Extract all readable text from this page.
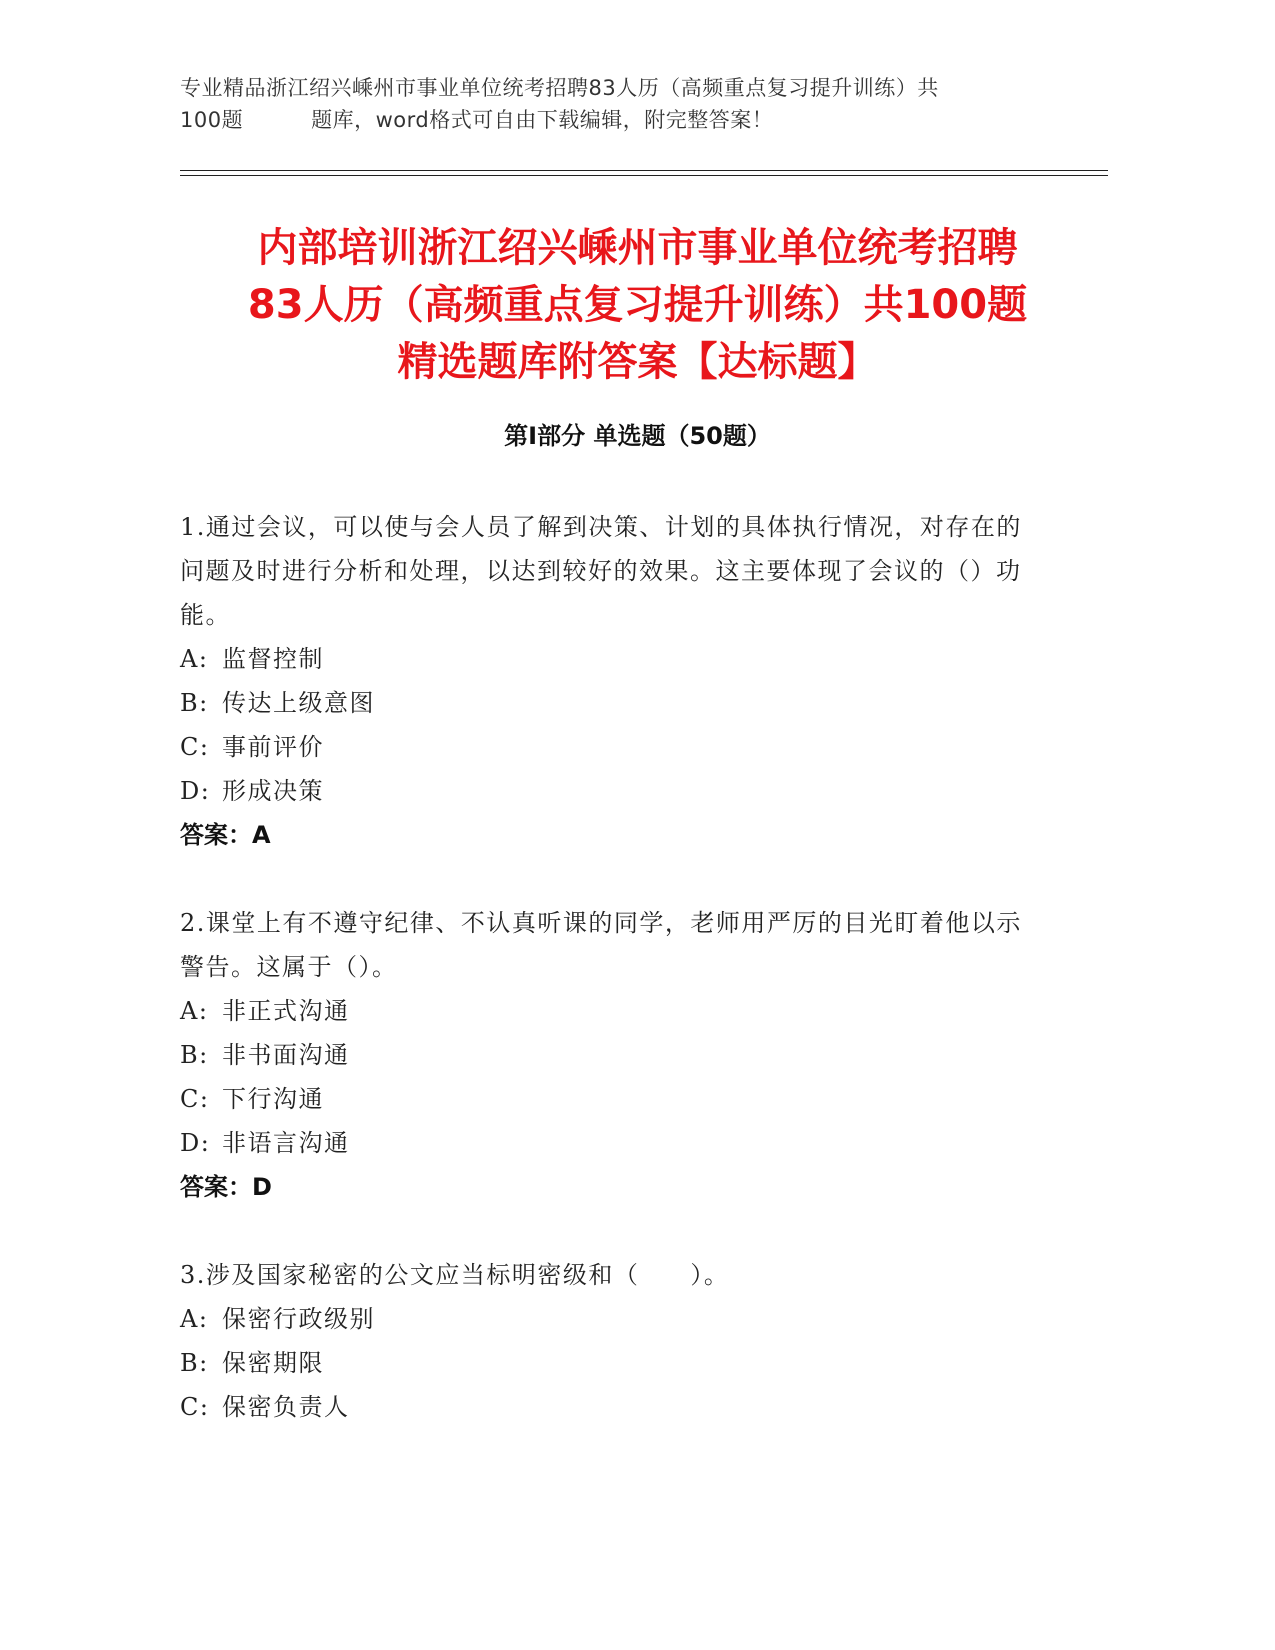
专业精品浙江绍兴嵊州市事业单位统考招聘83人历（高频重点复习提升训练）共
100题	题库，word格式可自由下载编辑，附完整答案！
内部培训浙江绍兴嵊州市事业单位统考招聘
83人历（高频重点复习提升训练）共100题
精选题库附答案【达标题】
第Ⅰ部分 单选题（50题）

1.通过会议，可以使与会人员了解到决策、计划的具体执行情况，对存在的问题及时进行分析和处理，以达到较好的效果。这主要体现了会议的（）功能。

A: 监督控制
B: 传达上级意图
C: 事前评价
D: 形成决策
答案：A

2.课堂上有不遵守纪律、不认真听课的同学，老师用严厉的目光盯着他以示警告。这属于（）。

A: 非正式沟通
B: 非书面沟通
C: 下行沟通
D: 非语言沟通
答案：D

3.涉及国家秘密的公文应当标明密级和（　　）。

A: 保密行政级别
B: 保密期限
C: 保密负责人
